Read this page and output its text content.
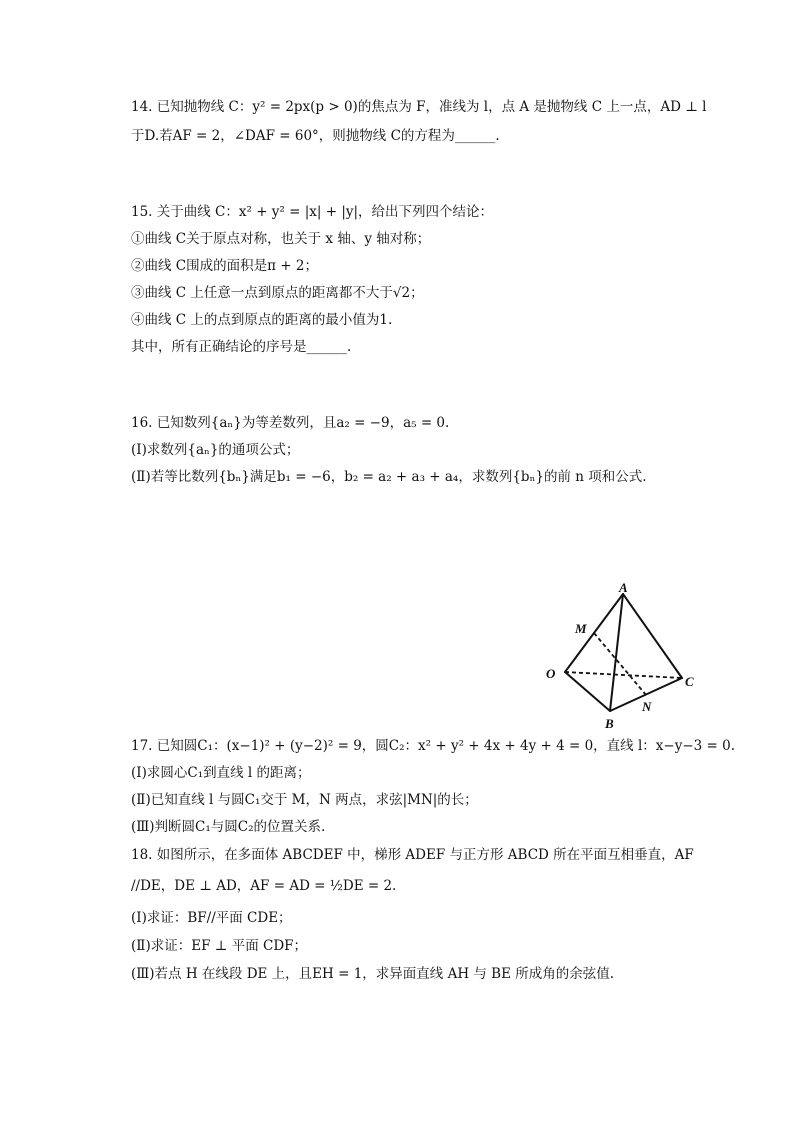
14. 已知抛物线 C：y² = 2px(p > 0)的焦点为 F，准线为 l，点 A 是抛物线 C 上一点，AD ⊥ l
于D.若AF = 2，∠DAF = 60°，则抛物线 C的方程为______.
15. 关于曲线 C：x² + y² = |x| + |y|，给出下列四个结论：
①曲线 C关于原点对称，也关于 x 轴、y 轴对称；
②曲线 C围成的面积是π + 2；
③曲线 C 上任意一点到原点的距离都不大于√2；
④曲线 C 上的点到原点的距离的最小值为1.
其中，所有正确结论的序号是______.
16. 已知数列{aₙ}为等差数列，且a₂ = −9，a₅ = 0.
(Ⅰ)求数列{aₙ}的通项公式；
(Ⅱ)若等比数列{bₙ}满足b₁ = −6，b₂ = a₂ + a₃ + a₄，求数列{bₙ}的前 n 项和公式.
A
M
O
C
B
N
17. 已知圆C₁：(x−1)² + (y−2)² = 9，圆C₂：x² + y² + 4x + 4y + 4 = 0，直线 l：x−y−3 = 0.
(Ⅰ)求圆心C₁到直线 l 的距离；
(Ⅱ)已知直线 l 与圆C₁交于 M，N 两点，求弦|MN|的长；
(Ⅲ)判断圆C₁与圆C₂的位置关系.
18. 如图所示，在多面体 ABCDEF 中，梯形 ADEF 与正方形 ABCD 所在平面互相垂直，AF
//DE，DE ⊥ AD，AF = AD = ½DE = 2.
(Ⅰ)求证：BF//平面 CDE；
(Ⅱ)求证：EF ⊥ 平面 CDF；
(Ⅲ)若点 H 在线段 DE 上，且EH = 1，求异面直线 AH 与 BE 所成角的余弦值.
